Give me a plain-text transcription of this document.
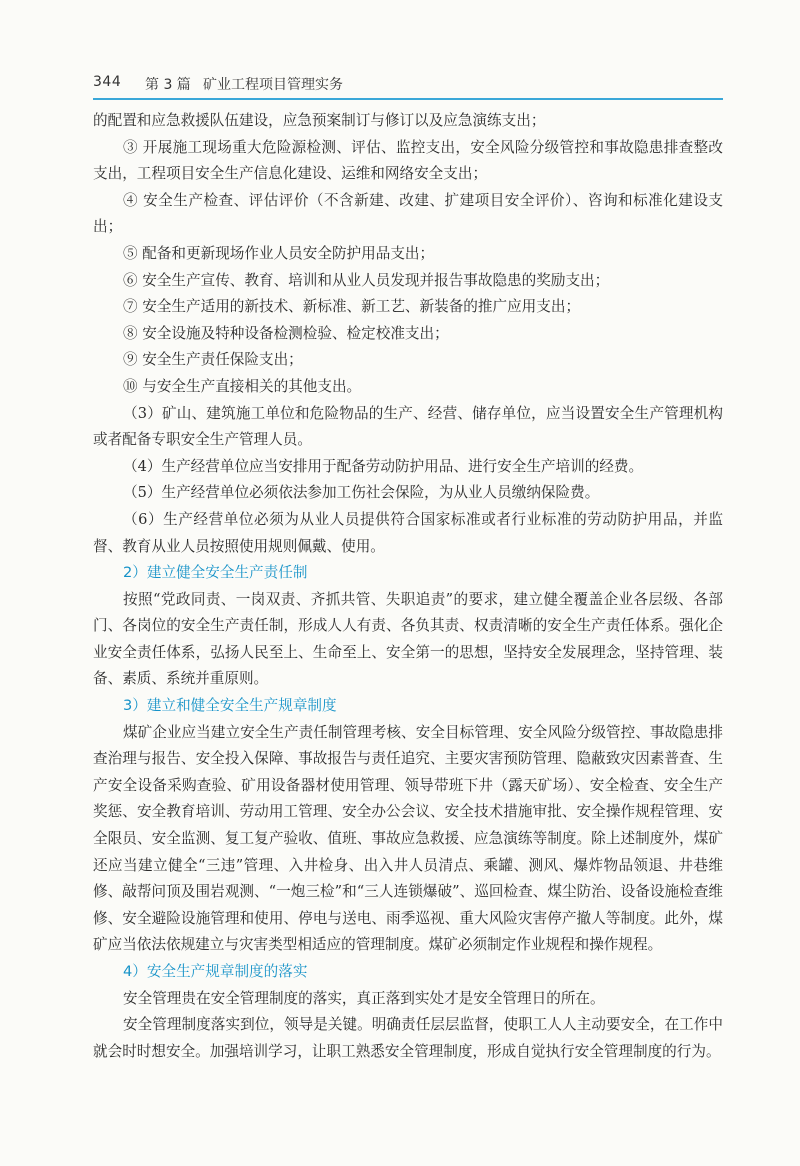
344 第 3 篇 矿业工程项目管理实务

的配置和应急救援队伍建设，应急预案制订与修订以及应急演练支出；

③ 开展施工现场重大危险源检测、评估、监控支出，安全风险分级管控和事故隐患排查整改支出，工程项目安全生产信息化建设、运维和网络安全支出；

④ 安全生产检查、评估评价（不含新建、改建、扩建项目安全评价）、咨询和标准化建设支出；

⑤ 配备和更新现场作业人员安全防护用品支出；

⑥ 安全生产宣传、教育、培训和从业人员发现并报告事故隐患的奖励支出；

⑦ 安全生产适用的新技术、新标准、新工艺、新装备的推广应用支出；

⑧ 安全设施及特种设备检测检验、检定校准支出；

⑨ 安全生产责任保险支出；

⑩ 与安全生产直接相关的其他支出。

（3）矿山、建筑施工单位和危险物品的生产、经营、储存单位，应当设置安全生产管理机构或者配备专职安全生产管理人员。

（4）生产经营单位应当安排用于配备劳动防护用品、进行安全生产培训的经费。

（5）生产经营单位必须依法参加工伤社会保险，为从业人员缴纳保险费。

（6）生产经营单位必须为从业人员提供符合国家标准或者行业标准的劳动防护用品，并监督、教育从业人员按照使用规则佩戴、使用。

2）建立健全安全生产责任制

按照“党政同责、一岗双责、齐抓共管、失职追责”的要求，建立健全覆盖企业各层级、各部门、各岗位的安全生产责任制，形成人人有责、各负其责、权责清晰的安全生产责任体系。强化企业安全责任体系，弘扬人民至上、生命至上、安全第一的思想，坚持安全发展理念，坚持管理、装备、素质、系统并重原则。

3）建立和健全安全生产规章制度

煤矿企业应当建立安全生产责任制管理考核、安全目标管理、安全风险分级管控、事故隐患排查治理与报告、安全投入保障、事故报告与责任追究、主要灾害预防管理、隐蔽致灾因素普查、生产安全设备采购查验、矿用设备器材使用管理、领导带班下井（露天矿场）、安全检查、安全生产奖惩、安全教育培训、劳动用工管理、安全办公会议、安全技术措施审批、安全操作规程管理、安全限员、安全监测、复工复产验收、值班、事故应急救援、应急演练等制度。除上述制度外，煤矿还应当建立健全“三违”管理、入井检身、出入井人员清点、乘罐、测风、爆炸物品领退、井巷维修、敲帮问顶及围岩观测、“一炮三检”和“三人连锁爆破”、巡回检查、煤尘防治、设备设施检查维修、安全避险设施管理和使用、停电与送电、雨季巡视、重大风险灾害停产撤人等制度。此外，煤矿应当依法依规建立与灾害类型相适应的管理制度。煤矿必须制定作业规程和操作规程。

4）安全生产规章制度的落实

安全管理贵在安全管理制度的落实，真正落到实处才是安全管理日的所在。

安全管理制度落实到位，领导是关键。明确责任层层监督，使职工人人主动要安全，在工作中就会时时想安全。加强培训学习，让职工熟悉安全管理制度，形成自觉执行安全管理制度的行为。
